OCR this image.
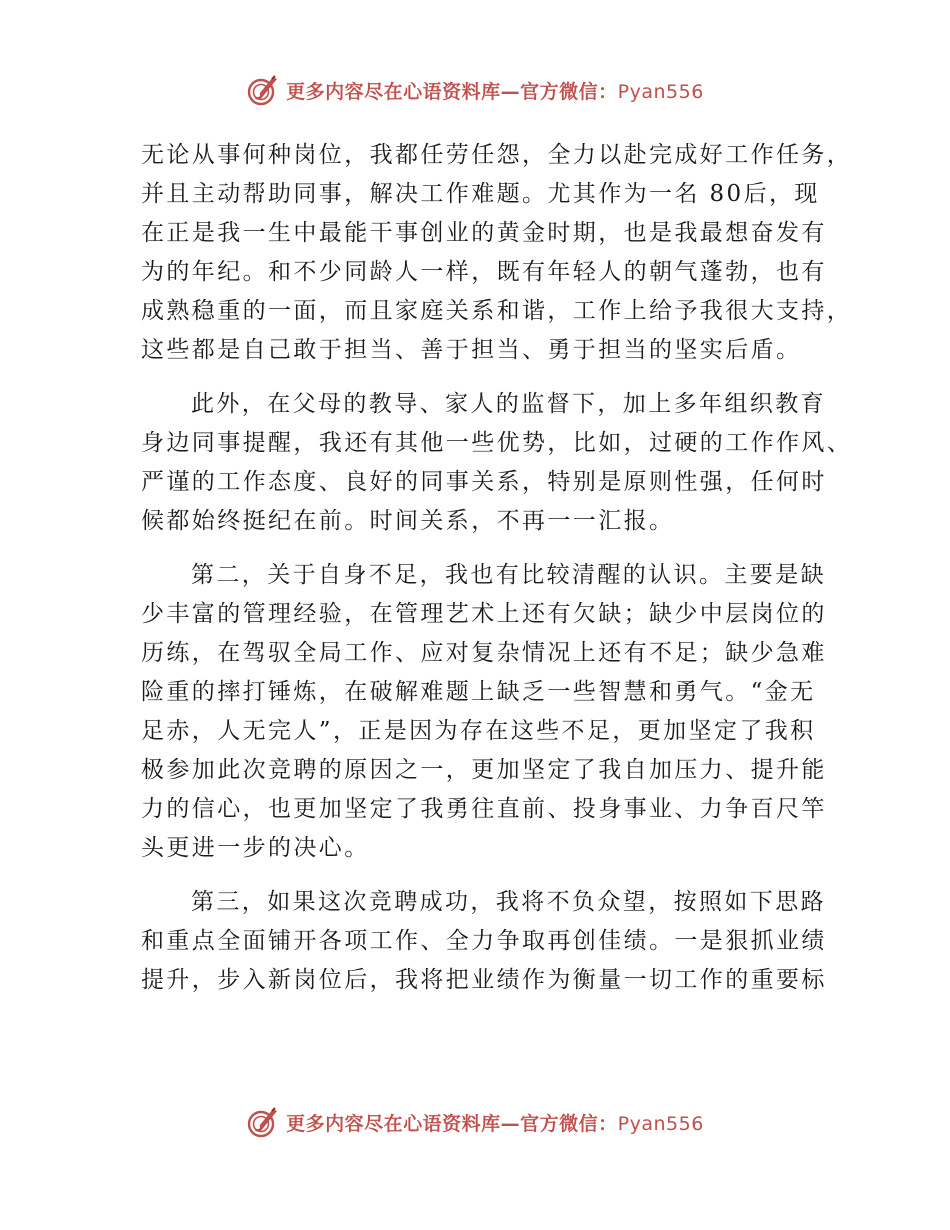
更多内容尽在心语资料库—官方微信：Pyan556
无论从事何种岗位，我都任劳任怨，全力以赴完成好工作任务，
并且主动帮助同事，解决工作难题。尤其作为一名 80后，现
在正是我一生中最能干事创业的黄金时期，也是我最想奋发有
为的年纪。和不少同龄人一样，既有年轻人的朝气蓬勃，也有
成熟稳重的一面，而且家庭关系和谐，工作上给予我很大支持，
这些都是自己敢于担当、善于担当、勇于担当的坚实后盾。
此外，在父母的教导、家人的监督下，加上多年组织教育
身边同事提醒，我还有其他一些优势，比如，过硬的工作作风、
严谨的工作态度、良好的同事关系，特别是原则性强，任何时
候都始终挺纪在前。时间关系，不再一一汇报。
第二，关于自身不足，我也有比较清醒的认识。主要是缺
少丰富的管理经验，在管理艺术上还有欠缺；缺少中层岗位的
历练，在驾驭全局工作、应对复杂情况上还有不足；缺少急难
险重的摔打锤炼，在破解难题上缺乏一些智慧和勇气。“金无
足赤，人无完人”，正是因为存在这些不足，更加坚定了我积
极参加此次竞聘的原因之一，更加坚定了我自加压力、提升能
力的信心，也更加坚定了我勇往直前、投身事业、力争百尺竿
头更进一步的决心。
第三，如果这次竞聘成功，我将不负众望，按照如下思路
和重点全面铺开各项工作、全力争取再创佳绩。一是狠抓业绩
提升，步入新岗位后，我将把业绩作为衡量一切工作的重要标
更多内容尽在心语资料库—官方微信：Pyan556
